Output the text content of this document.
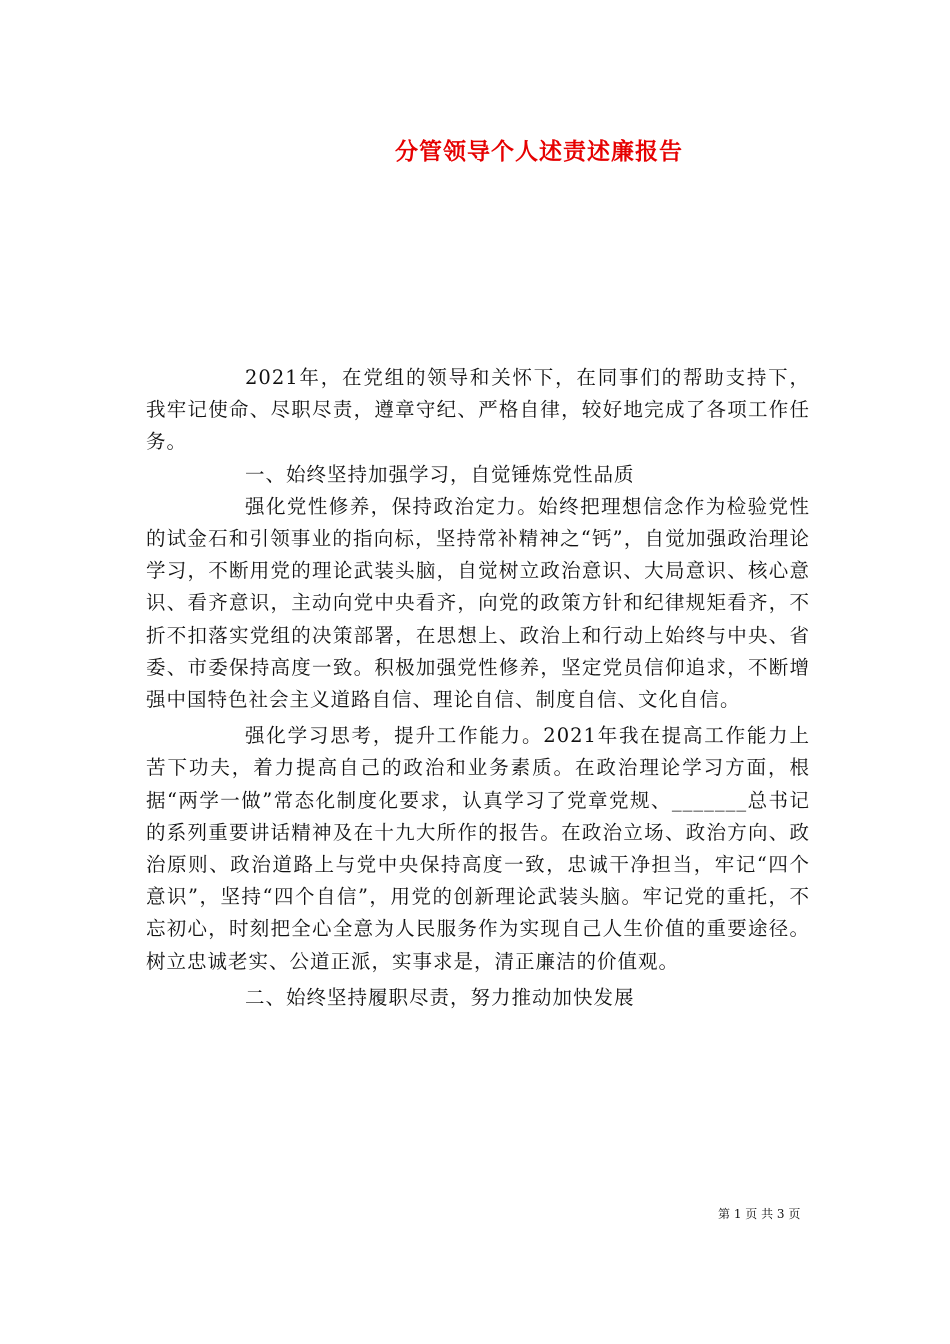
分管领导个人述责述廉报告

2021年，在党组的领导和关怀下，在同事们的帮助支持下，我牢记使命、尽职尽责，遵章守纪、严格自律，较好地完成了各项工作任务。

一、始终坚持加强学习，自觉锤炼党性品质

强化党性修养，保持政治定力。始终把理想信念作为检验党性的试金石和引领事业的指向标，坚持常补精神之“钙”，自觉加强政治理论学习，不断用党的理论武装头脑，自觉树立政治意识、大局意识、核心意识、看齐意识，主动向党中央看齐，向党的政策方针和纪律规矩看齐，不折不扣落实党组的决策部署，在思想上、政治上和行动上始终与中央、省委、市委保持高度一致。积极加强党性修养，坚定党员信仰追求，不断增强中国特色社会主义道路自信、理论自信、制度自信、文化自信。

强化学习思考，提升工作能力。2021年我在提高工作能力上苦下功夫，着力提高自己的政治和业务素质。在政治理论学习方面，根据“两学一做”常态化制度化要求，认真学习了党章党规、_______总书记的系列重要讲话精神及在十九大所作的报告。在政治立场、政治方向、政治原则、政治道路上与党中央保持高度一致，忠诚干净担当，牢记“四个意识”，坚持“四个自信”，用党的创新理论武装头脑。牢记党的重托，不忘初心，时刻把全心全意为人民服务作为实现自己人生价值的重要途径。树立忠诚老实、公道正派，实事求是，清正廉洁的价值观。

二、始终坚持履职尽责，努力推动加快发展

第 1 页 共 3 页
